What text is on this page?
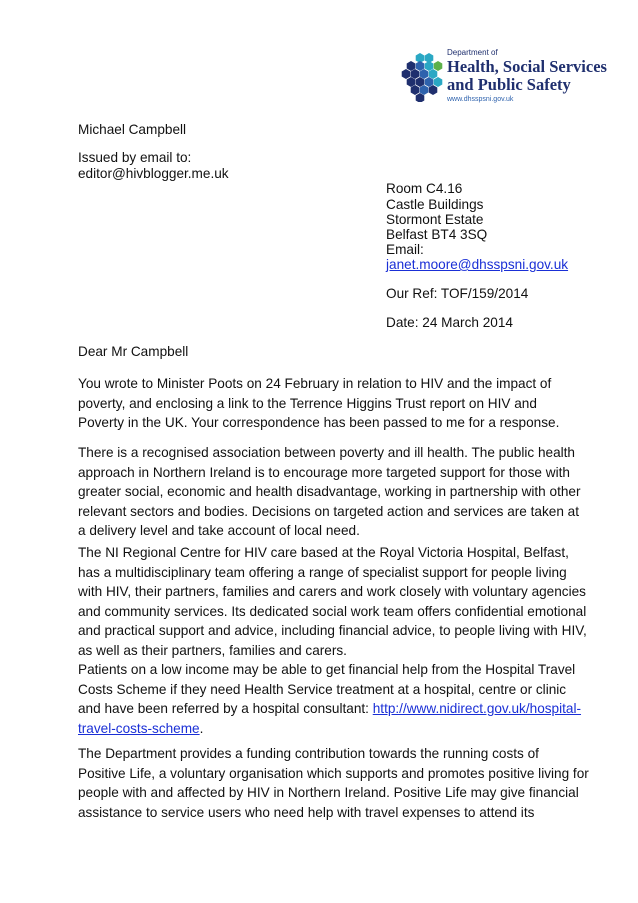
Department of
Health, Social Services
and Public Safety
www.dhsspsni.gov.uk

Michael Campbell

Issued by email to:

editor@hivblogger.me.uk

Room C4.16

Castle Buildings

Stormont Estate

Belfast BT4 3SQ

Email:

janet.moore@dhsspsni.gov.uk

Our Ref: TOF/159/2014

Date: 24 March 2014

Dear Mr Campbell

You wrote to Minister Poots on 24 February in relation to HIV and the impact of
poverty, and enclosing a link to the Terrence Higgins Trust report on HIV and
Poverty in the UK. Your correspondence has been passed to me for a response.
There is a recognised association between poverty and ill health. The public health
approach in Northern Ireland is to encourage more targeted support for those with
greater social, economic and health disadvantage, working in partnership with other
relevant sectors and bodies. Decisions on targeted action and services are taken at
a delivery level and take account of local need.
The NI Regional Centre for HIV care based at the Royal Victoria Hospital, Belfast,
has a multidisciplinary team offering a range of specialist support for people living
with HIV, their partners, families and carers and work closely with voluntary agencies
and community services. Its dedicated social work team offers confidential emotional
and practical support and advice, including financial advice, to people living with HIV,
as well as their partners, families and carers.
Patients on a low income may be able to get financial help from the Hospital Travel
Costs Scheme if they need Health Service treatment at a hospital, centre or clinic
and have been referred by a hospital consultant: http://www.nidirect.gov.uk/hospital-
travel-costs-scheme.
The Department provides a funding contribution towards the running costs of
Positive Life, a voluntary organisation which supports and promotes positive living for
people with and affected by HIV in Northern Ireland. Positive Life may give financial
assistance to service users who need help with travel expenses to attend its
